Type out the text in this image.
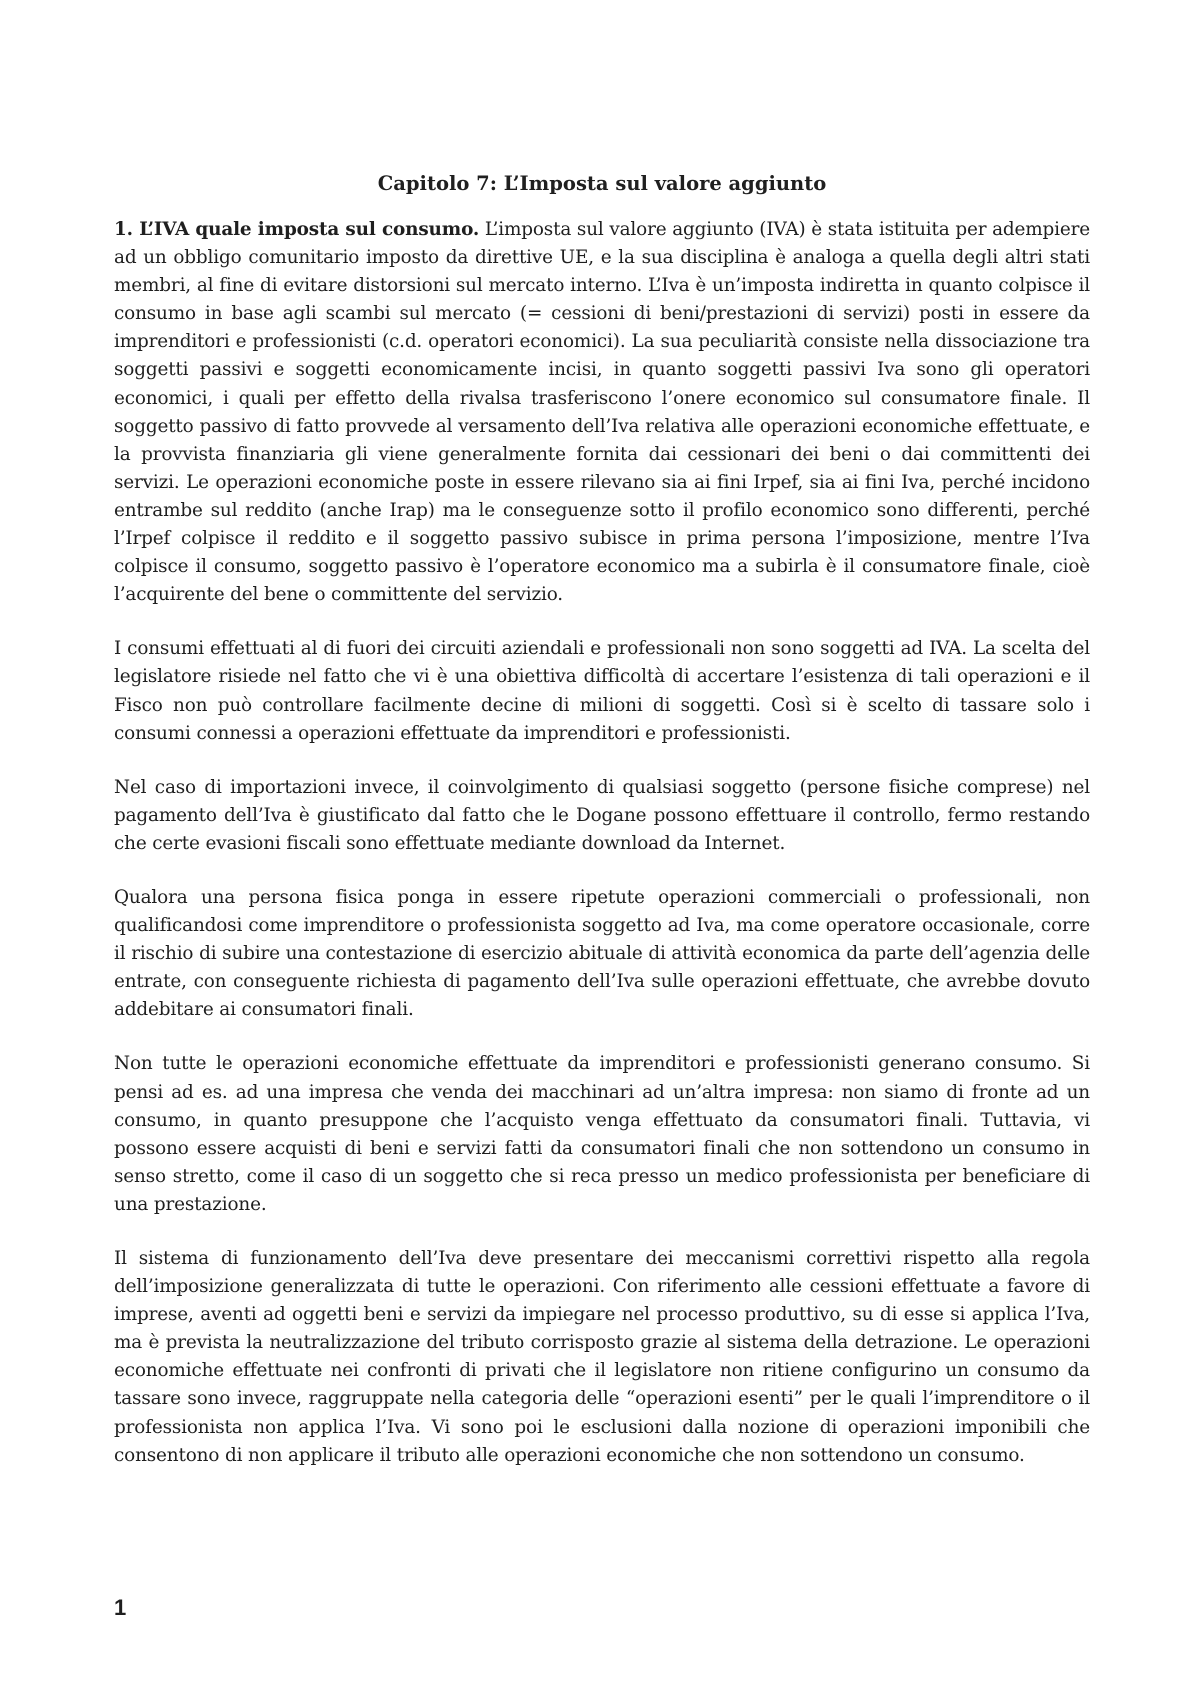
Capitolo 7: L’Imposta sul valore aggiunto

1. L’IVA quale imposta sul consumo. L’imposta sul valore aggiunto (IVA) è stata istituita per adempiere ad un obbligo comunitario imposto da direttive UE, e la sua disciplina è analoga a quella degli altri stati membri, al fine di evitare distorsioni sul mercato interno. L’Iva è un’imposta indiretta in quanto colpisce il consumo in base agli scambi sul mercato (= cessioni di beni/prestazioni di servizi) posti in essere da imprenditori e professionisti (c.d. operatori economici). La sua peculiarità consiste nella dissociazione tra soggetti passivi e soggetti economicamente incisi, in quanto soggetti passivi Iva sono gli operatori economici, i quali per effetto della rivalsa trasferiscono l’onere economico sul consumatore finale. Il soggetto passivo di fatto provvede al versamento dell’Iva relativa alle operazioni economiche effettuate, e la provvista finanziaria gli viene generalmente fornita dai cessionari dei beni o dai committenti dei servizi. Le operazioni economiche poste in essere rilevano sia ai fini Irpef, sia ai fini Iva, perché incidono entrambe sul reddito (anche Irap) ma le conseguenze sotto il profilo economico sono differenti, perché l’Irpef colpisce il reddito e il soggetto passivo subisce in prima persona l’imposizione, mentre l’Iva colpisce il consumo, soggetto passivo è l’operatore economico ma a subirla è il consumatore finale, cioè l’acquirente del bene o committente del servizio.

I consumi effettuati al di fuori dei circuiti aziendali e professionali non sono soggetti ad IVA. La scelta del legislatore risiede nel fatto che vi è una obiettiva difficoltà di accertare l’esistenza di tali operazioni e il Fisco non può controllare facilmente decine di milioni di soggetti. Così si è scelto di tassare solo i consumi connessi a operazioni effettuate da imprenditori e professionisti.

Nel caso di importazioni invece, il coinvolgimento di qualsiasi soggetto (persone fisiche comprese) nel pagamento dell’Iva è giustificato dal fatto che le Dogane possono effettuare il controllo, fermo restando che certe evasioni fiscali sono effettuate mediante download da Internet.

Qualora una persona fisica ponga in essere ripetute operazioni commerciali o professionali, non qualificandosi come imprenditore o professionista soggetto ad Iva, ma come operatore occasionale, corre il rischio di subire una contestazione di esercizio abituale di attività economica da parte dell’agenzia delle entrate, con conseguente richiesta di pagamento dell’Iva sulle operazioni effettuate, che avrebbe dovuto addebitare ai consumatori finali.

Non tutte le operazioni economiche effettuate da imprenditori e professionisti generano consumo. Si pensi ad es. ad una impresa che venda dei macchinari ad un’altra impresa: non siamo di fronte ad un consumo, in quanto presuppone che l’acquisto venga effettuato da consumatori finali. Tuttavia, vi possono essere acquisti di beni e servizi fatti da consumatori finali che non sottendono un consumo in senso stretto, come il caso di un soggetto che si reca presso un medico professionista per beneficiare di una prestazione.

Il sistema di funzionamento dell’Iva deve presentare dei meccanismi correttivi rispetto alla regola dell’imposizione generalizzata di tutte le operazioni. Con riferimento alle cessioni effettuate a favore di imprese, aventi ad oggetti beni e servizi da impiegare nel processo produttivo, su di esse si applica l’Iva, ma è prevista la neutralizzazione del tributo corrisposto grazie al sistema della detrazione. Le operazioni economiche effettuate nei confronti di privati che il legislatore non ritiene configurino un consumo da tassare sono invece, raggruppate nella categoria delle “operazioni esenti” per le quali l’imprenditore o il professionista non applica l’Iva. Vi sono poi le esclusioni dalla nozione di operazioni imponibili che consentono di non applicare il tributo alle operazioni economiche che non sottendono un consumo.

1
